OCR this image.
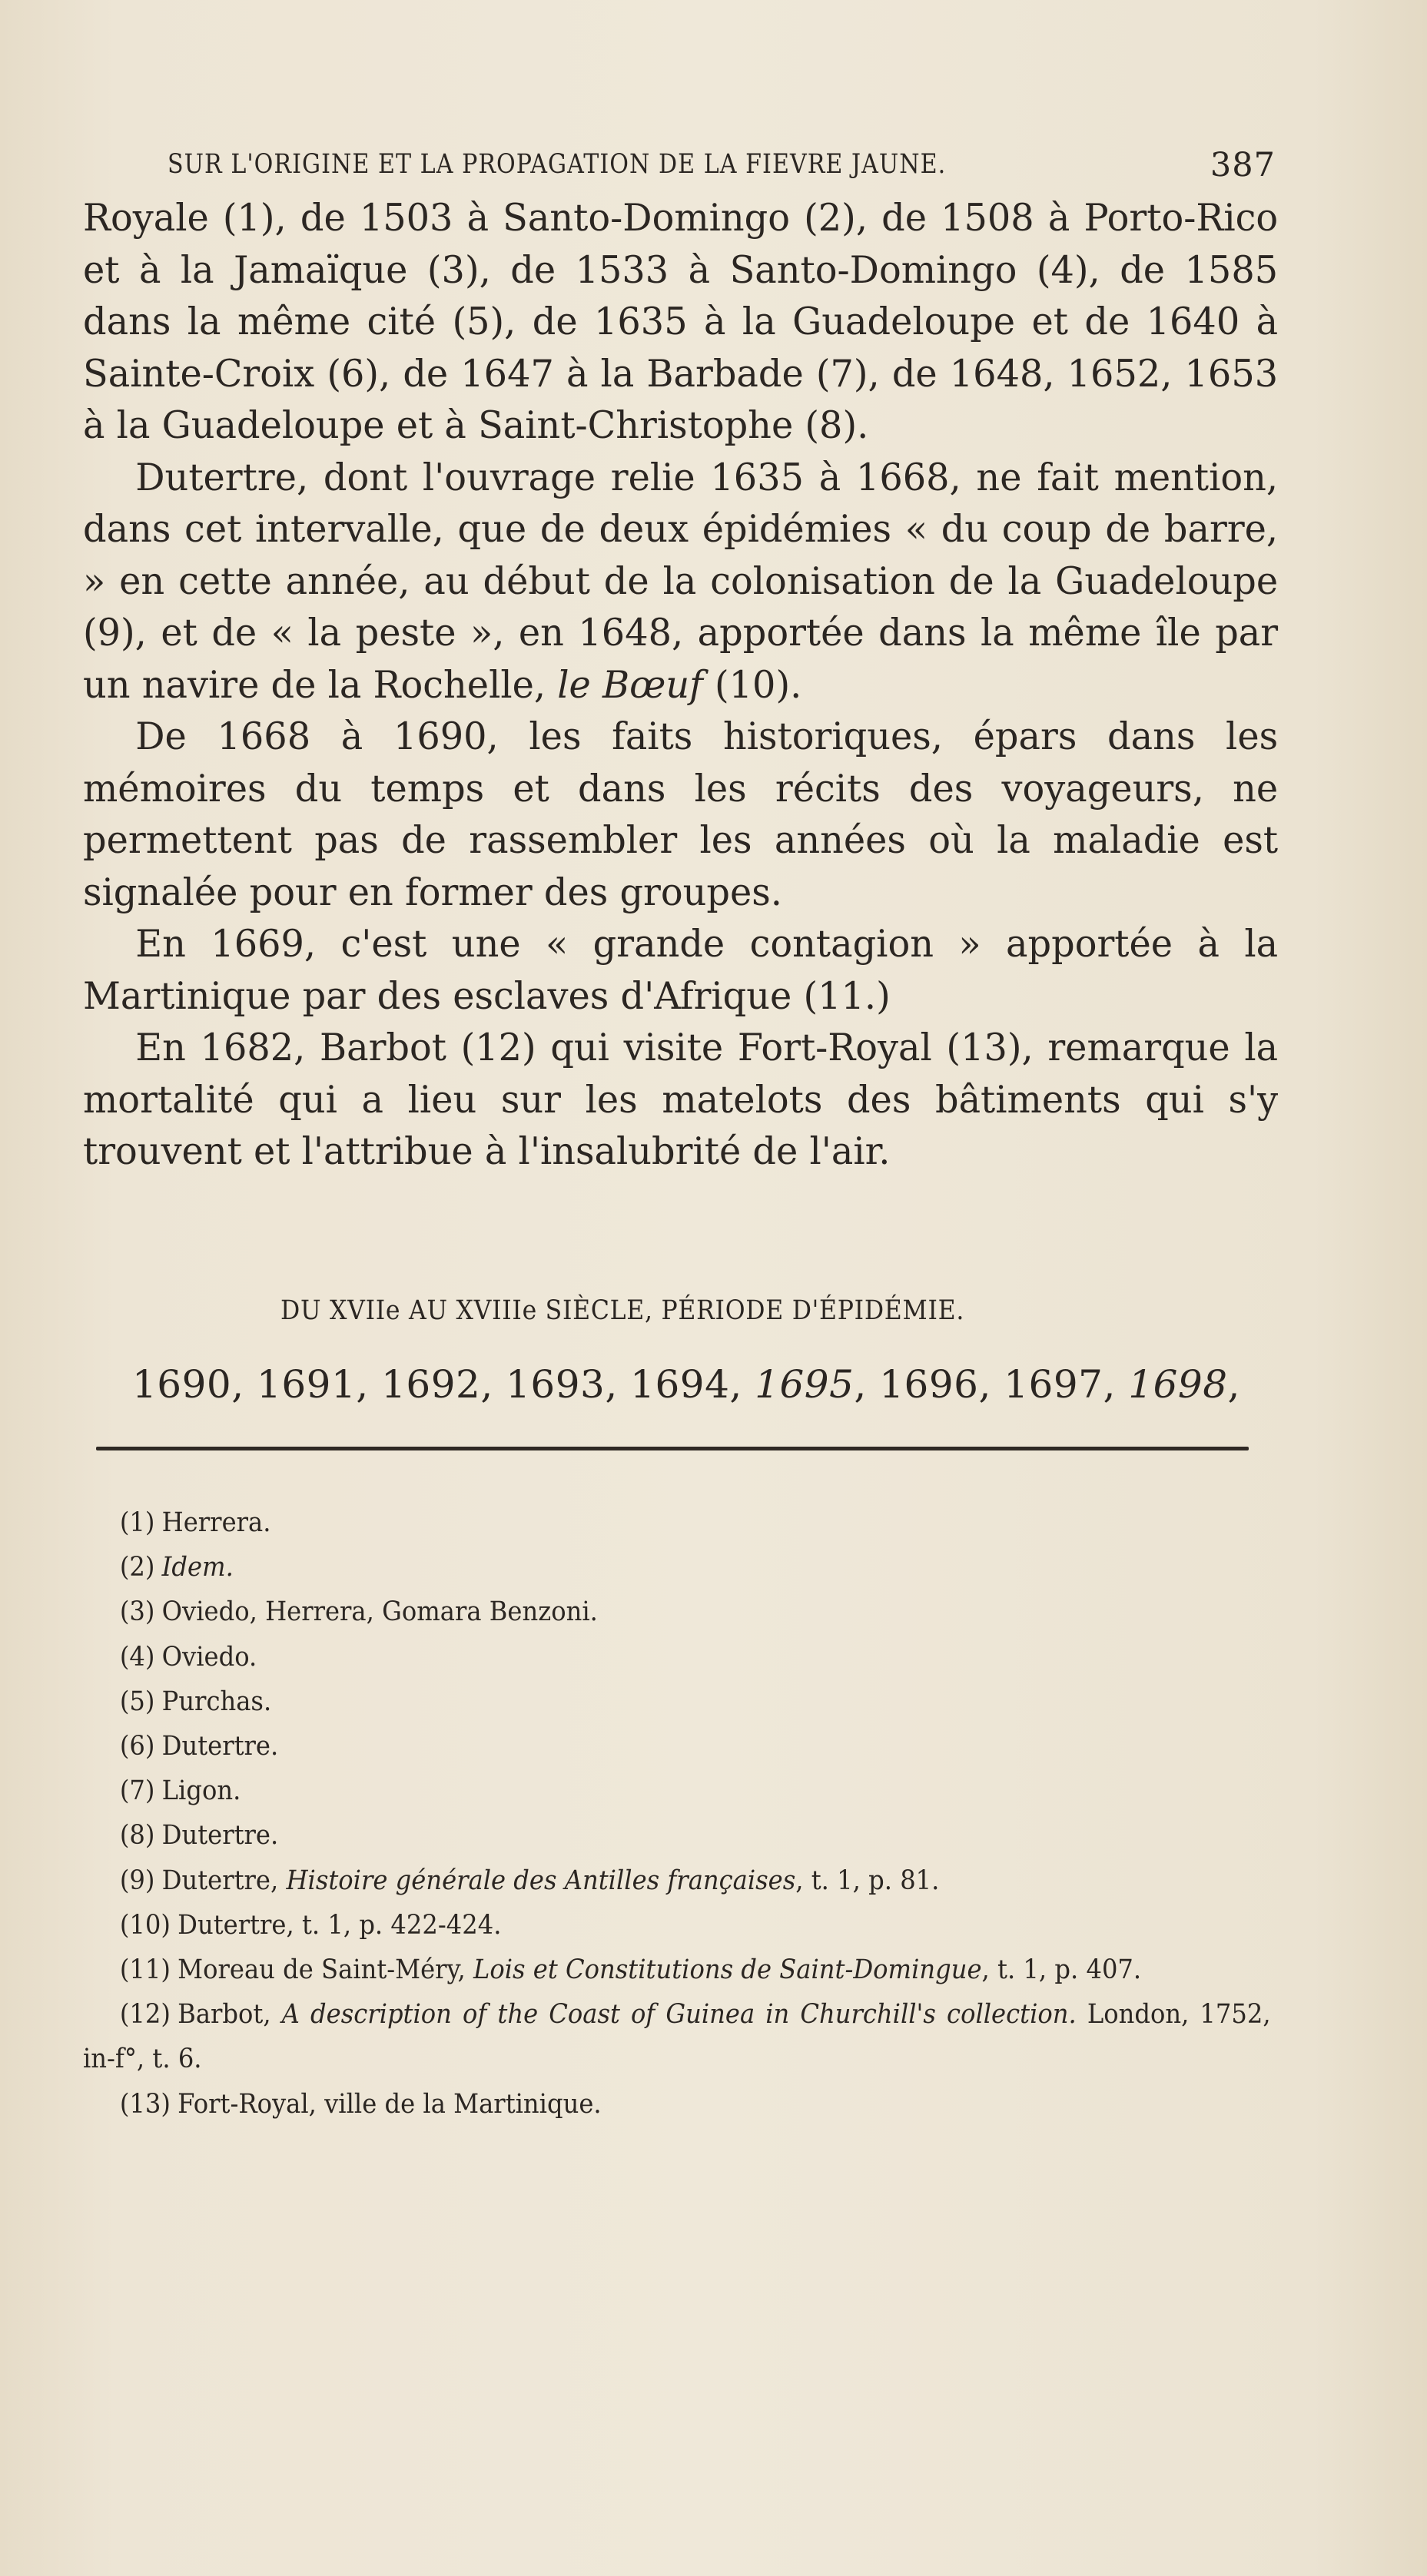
SUR L'ORIGINE ET LA PROPAGATION DE LA FIEVRE JAUNE.	387

Royale (1), de 1503 à Santo-Domingo (2), de 1508 à Porto-Rico et à la Jamaïque (3), de 1533 à Santo-Domingo (4), de 1585 dans la même cité (5), de 1635 à la Guadeloupe et de 1640 à Sainte-Croix (6), de 1647 à la Barbade (7), de 1648, 1652, 1653 à la Guadeloupe et à Saint-Christophe (8).

Dutertre, dont l'ouvrage relie 1635 à 1668, ne fait mention, dans cet intervalle, que de deux épidémies « du coup de barre, » en cette année, au début de la colonisation de la Guadeloupe (9), et de « la peste », en 1648, apportée dans la même île par un navire de la Rochelle, le Bœuf (10).

De 1668 à 1690, les faits historiques, épars dans les mémoires du temps et dans les récits des voyageurs, ne permettent pas de rassembler les années où la maladie est signalée pour en former des groupes.

En 1669, c'est une « grande contagion » apportée à la Martinique par des esclaves d'Afrique (11.)

En 1682, Barbot (12) qui visite Fort-Royal (13), remarque la mortalité qui a lieu sur les matelots des bâtiments qui s'y trouvent et l'attribue à l'insalubrité de l'air.

DU XVIIe AU XVIIIe SIÈCLE, PÉRIODE D'ÉPIDÉMIE.
1690, 1691, 1692, 1693, 1694, 1695, 1696, 1697, 1698,
(1) Herrera.
(2) Idem.
(3) Oviedo, Herrera, Gomara Benzoni.
(4) Oviedo.
(5) Purchas.
(6) Dutertre.
(7) Ligon.
(8) Dutertre.
(9) Dutertre, Histoire générale des Antilles françaises, t. 1, p. 81.
(10) Dutertre, t. 1, p. 422-424.
(11) Moreau de Saint-Méry, Lois et Constitutions de Saint-Domingue, t. 1, p. 407.
(12) Barbot, A description of the Coast of Guinea in Churchill's collection. London, 1752, in-f°, t. 6.
(13) Fort-Royal, ville de la Martinique.
